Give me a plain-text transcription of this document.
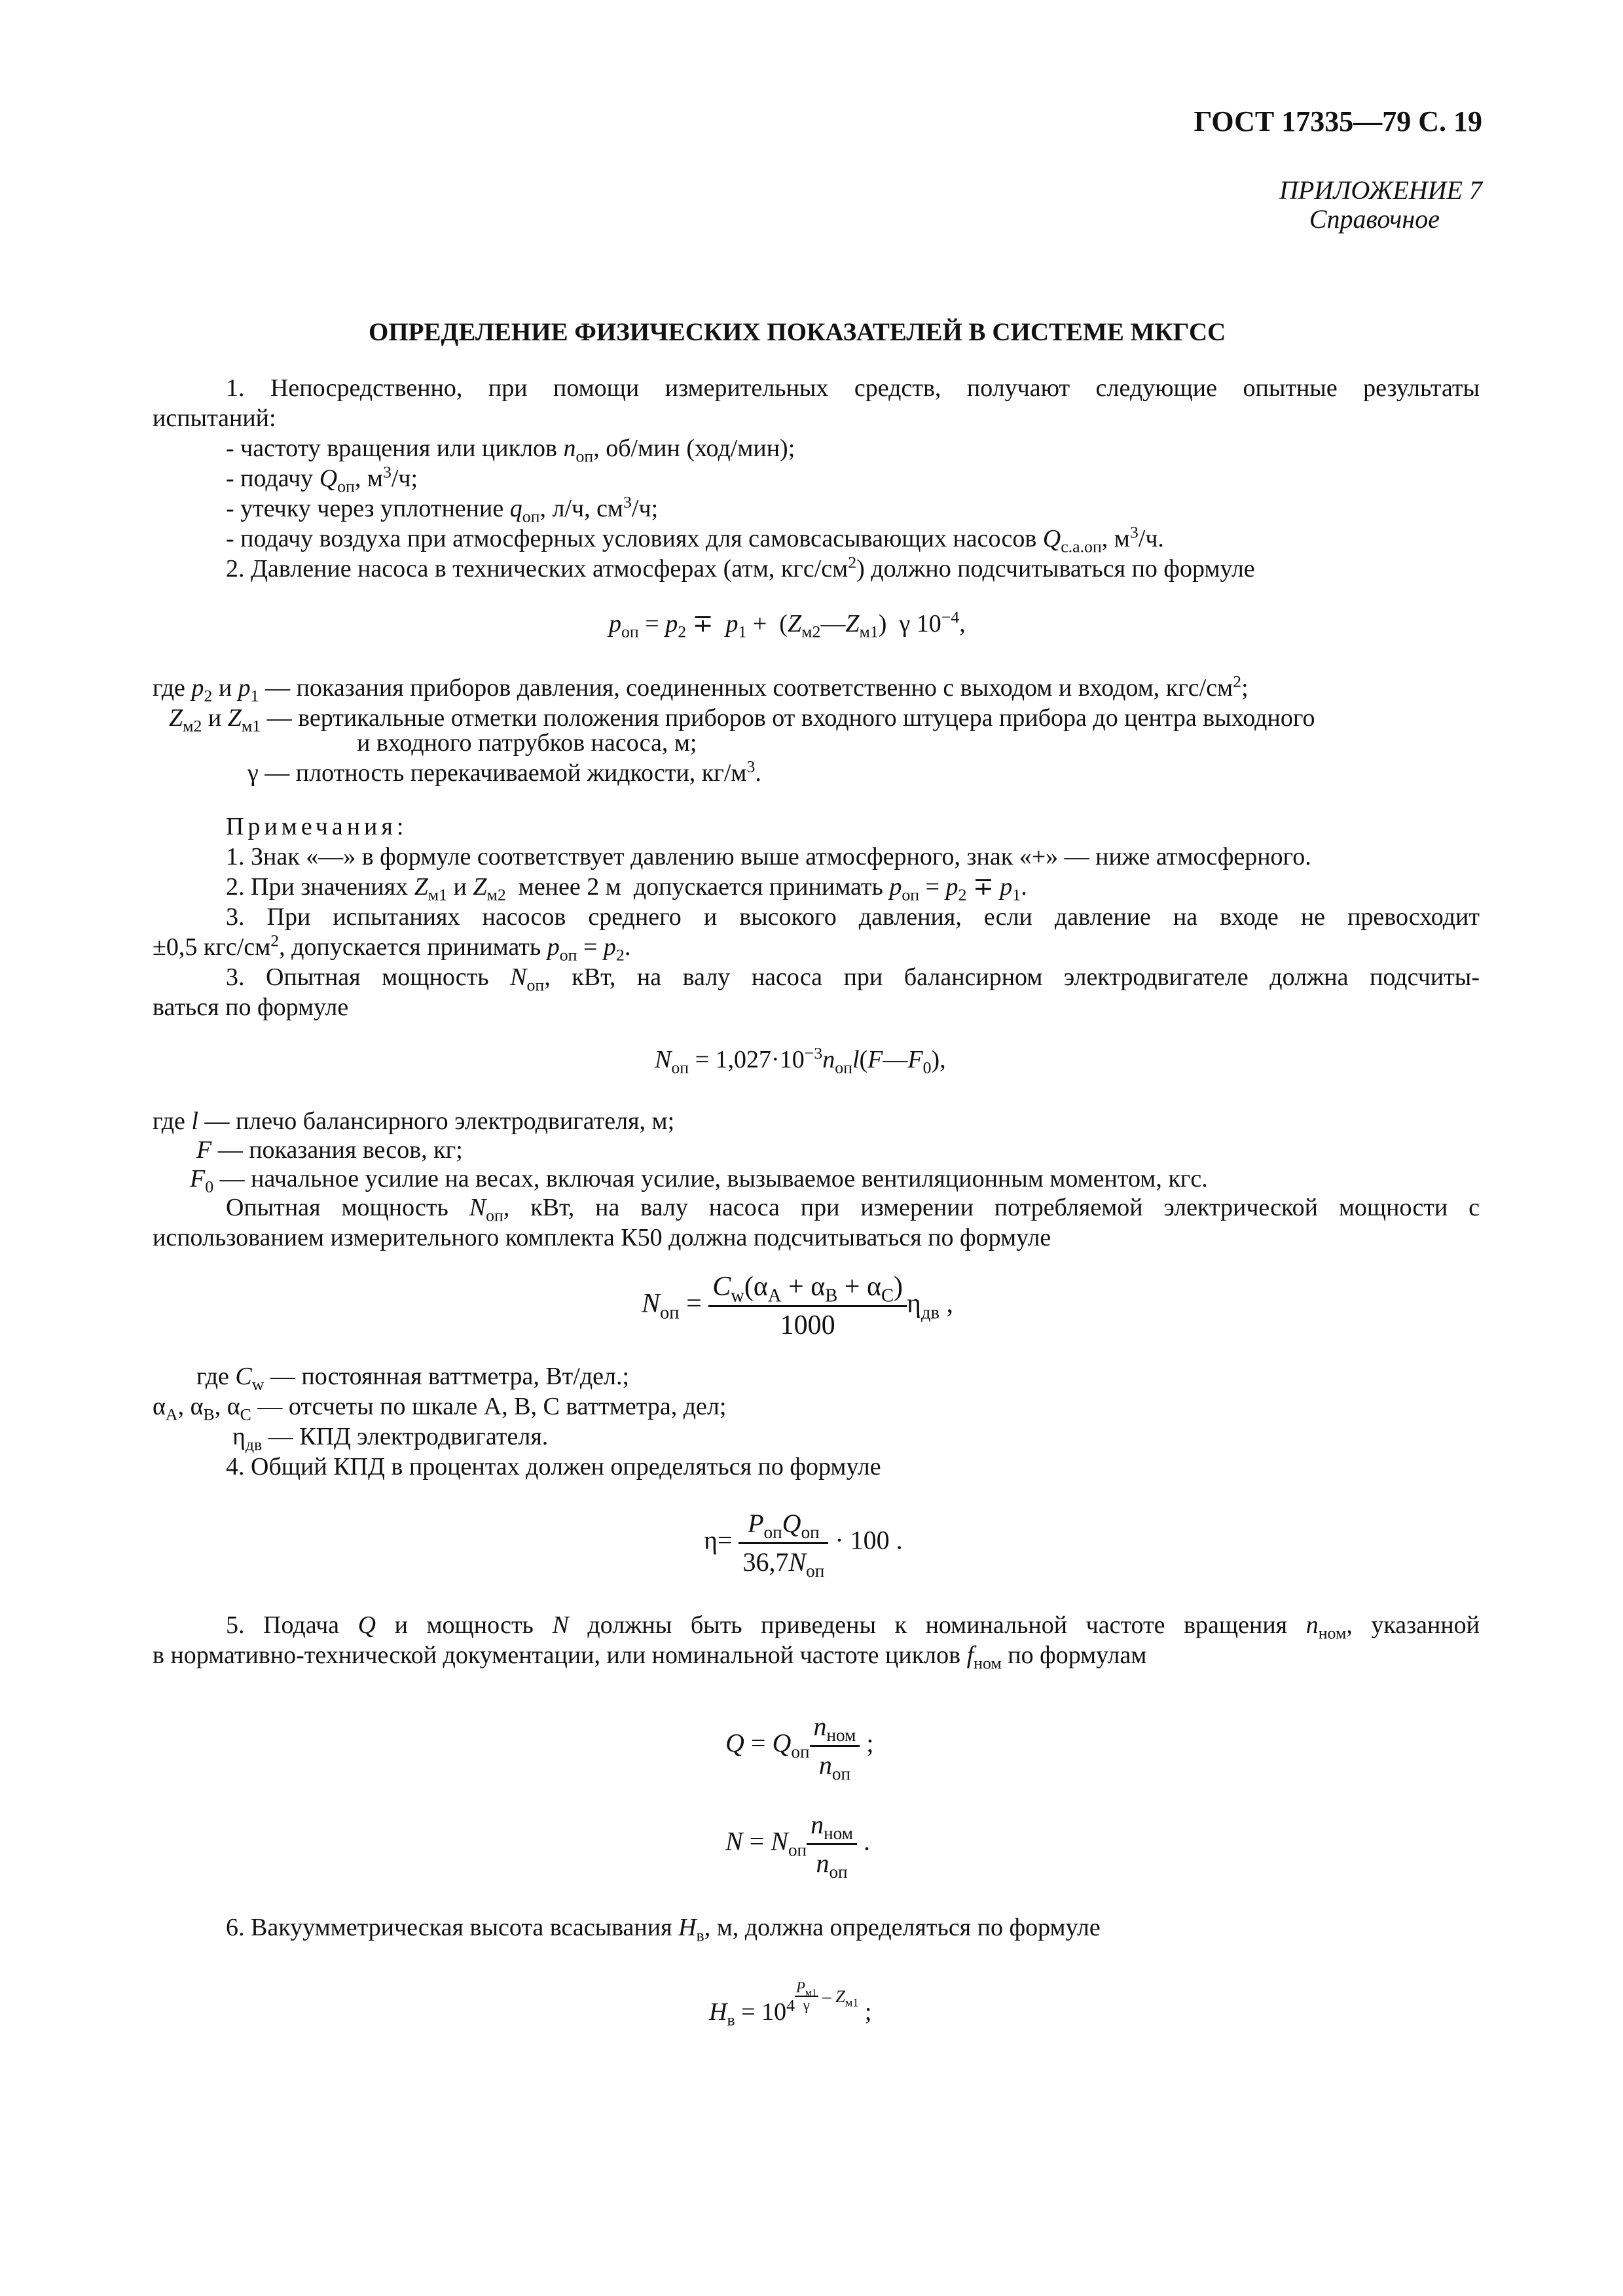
ГОСТ 17335—79 С. 19
ПРИЛОЖЕНИЕ 7
Справочное
ОПРЕДЕЛЕНИЕ ФИЗИЧЕСКИХ ПОКАЗАТЕЛЕЙ В СИСТЕМЕ МКГСС
1. Непосредственно, при помощи измерительных средств, получают следующие опытные результаты
испытаний:
- частоту вращения или циклов $n_{оп}$, об/мин (ход/мин);
- подачу $Q_{оп}$, $м^3/ч$;
- утечку через уплотнение $q_{оп}$, л/ч, $см^3/ч$;
- подачу воздуха при атмосферных условиях для самовсасывающих насосов $Q_{с.а.оп}$, $м^3/ч$.
2. Давление насоса в технических атмосферах (атм, кгс/$см^2$) должно подсчитываться по формуле
$p_{оп} = p_2 \mp p_1$ +  $(Z_{м2}—Z_{м1})$  γ $10^{-4}$,
где $p_2$ и $p_1$ — показания приборов давления, соединенных соответственно с выходом и входом, кгс/$см^2$;
$Z_{м2}$ и $Z_{м1}$ — вертикальные отметки положения приборов от входного штуцера прибора до центра выходного
и входного патрубков насоса, м;
γ — плотность перекачиваемой жидкости, $кг/м^3$.
Примечания:
1. Знак «—» в формуле соответствует давлению выше атмосферного, знак «+» — ниже атмосферного.
2. При значениях $Z_{м1}$ и $Z_{м2}$  менее 2 м  допускается принимать $p_{оп} = p_2 \mp p_1$.
3. При испытаниях насосов среднего и высокого давления, если давление на входе не превосходит
±0,5 кгс/$см^2$, допускается принимать $p_{оп} = p_2$.
3. Опытная мощность $N_{оп}$, кВт, на валу насоса при балансирном электродвигателе должна подсчиты-
ваться по формуле
$N_{оп}$ = $1,027\cdot 10^{-3}n_{оп}l(F—F_0)$,
где l — плечо балансирного электродвигателя, м;
F — показания весов, кг;
$F_0$ — начальное усилие на весах, включая усилие, вызываемое вентиляционным моментом, кгс.
Опытная мощность $N_{оп}$, кВт, на валу насоса при измерении потребляемой электрической мощности с
использованием измерительного комплекта К50 должна подсчитываться по формуле
$N_{оп} = \frac{C_w(\alpha_A + \alpha_B + \alpha_C)}{1000} \eta_{дв}$ ,
где $C_w$ — постоянная ваттметра, Вт/дел.;
$\alpha_A$, $\alpha_B$, $\alpha_C$ — отсчеты по шкале А, В, С ваттметра, дел;
$\eta_{дв}$ — КПД электродвигателя.
4. Общий КПД в процентах должен определяться по формуле
$\eta= \frac{P_{оп}Q_{оп}}{36,7N_{оп}} \cdot 100$ .
5. Подача Q и мощность N должны быть приведены к номинальной частоте вращения $n_{ном}$, указанной
в нормативно-технической документации, или номинальной частоте циклов $f_{ном}$ по формулам
$Q = Q_{оп} \frac{n_{ном}}{n_{оп}}$ ;
$N = N_{оп} \frac{n_{ном}}{n_{оп}}$ .
6. Вакуумметрическая высота всасывания $H_в$, м, должна определяться по формуле
$H_в = 10^4 \frac{P_{м1}}{\gamma} ^{- Z_{м1}}$ ;
